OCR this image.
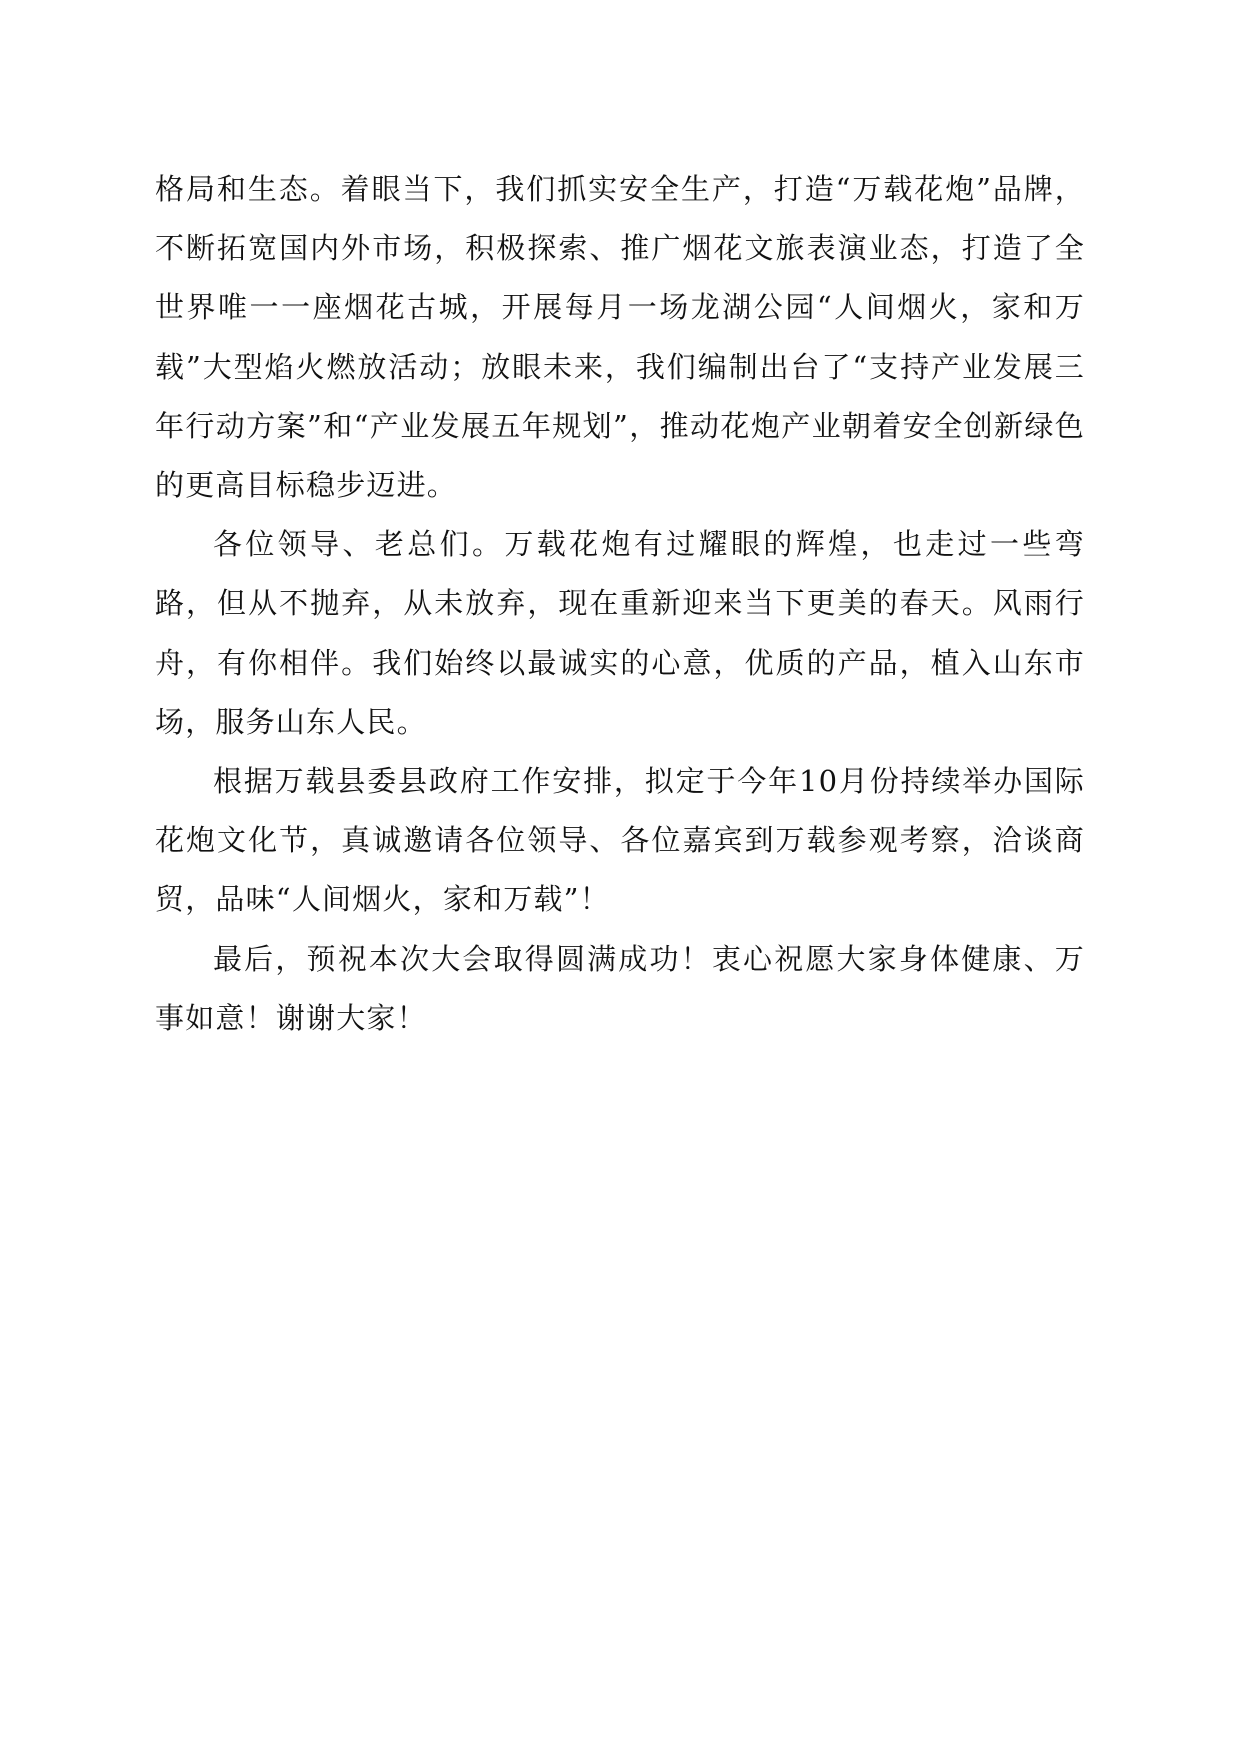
格局和生态。着眼当下，我们抓实安全生产，打造“万载花炮”品牌，不断拓宽国内外市场，积极探索、推广烟花文旅表演业态，打造了全世界唯一一座烟花古城，开展每月一场龙湖公园“人间烟火，家和万载”大型焰火燃放活动；放眼未来，我们编制出台了“支持产业发展三年行动方案”和“产业发展五年规划”，推动花炮产业朝着安全创新绿色的更高目标稳步迈进。

各位领导、老总们。万载花炮有过耀眼的辉煌，也走过一些弯路，但从不抛弃，从未放弃，现在重新迎来当下更美的春天。风雨行舟，有你相伴。我们始终以最诚实的心意，优质的产品，植入山东市场，服务山东人民。

根据万载县委县政府工作安排，拟定于今年10月份持续举办国际花炮文化节，真诚邀请各位领导、各位嘉宾到万载参观考察，洽谈商贸，品味“人间烟火，家和万载”！

最后，预祝本次大会取得圆满成功！衷心祝愿大家身体健康、万事如意！谢谢大家！
